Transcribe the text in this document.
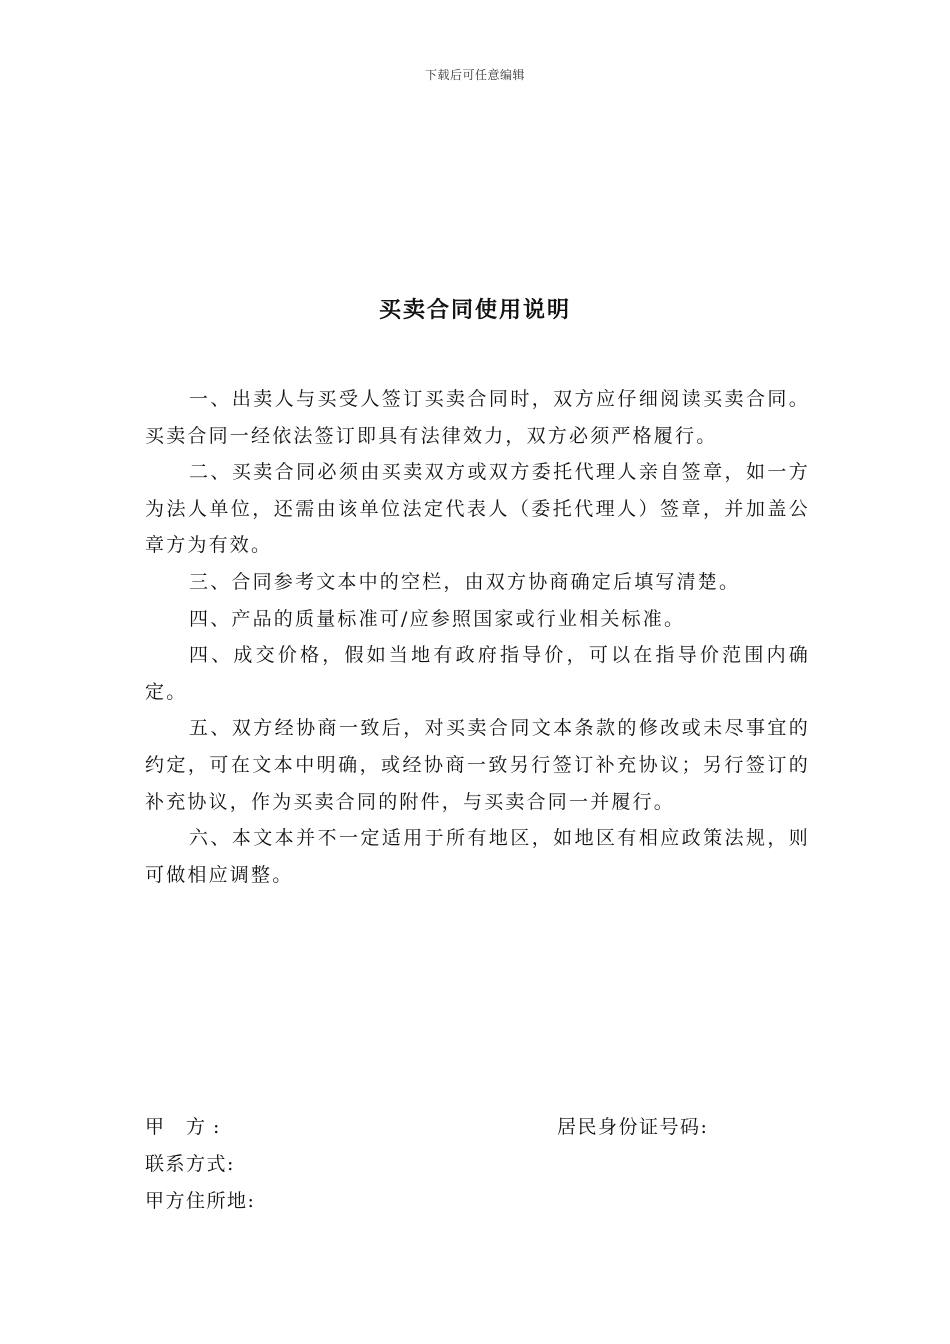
下载后可任意编辑
买卖合同使用说明

一、出卖人与买受人签订买卖合同时，双方应仔细阅读买卖合同。买卖合同一经依法签订即具有法律效力，双方必须严格履行。

二、买卖合同必须由买卖双方或双方委托代理人亲自签章，如一方为法人单位，还需由该单位法定代表人（委托代理人）签章，并加盖公章方为有效。

三、合同参考文本中的空栏，由双方协商确定后填写清楚。

四、产品的质量标准可/应参照国家或行业相关标准。

四、成交价格，假如当地有政府指导价，可以在指导价范围内确定。

五、双方经协商一致后，对买卖合同文本条款的修改或未尽事宜的约定，可在文本中明确，或经协商一致另行签订补充协议；另行签订的补充协议，作为买卖合同的附件，与买卖合同一并履行。

六、本文本并不一定适用于所有地区，如地区有相应政策法规，则可做相应调整。

甲 方:	居民身份证号码:
联系方式:
甲方住所地:
